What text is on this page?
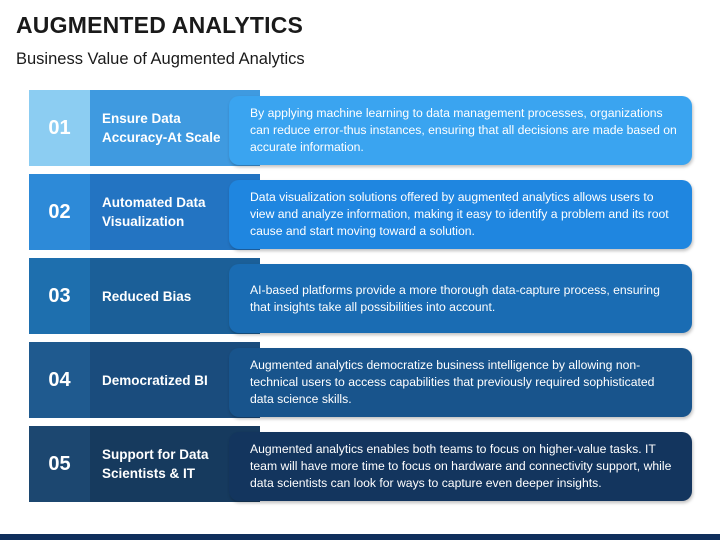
AUGMENTED ANALYTICS
Business Value of Augmented Analytics
01	Ensure Data Accuracy-At Scale
By applying machine learning to data management processes, organizations can reduce error-thus instances, ensuring that all decisions are made based on accurate information.
02	Automated Data Visualization
Data visualization solutions offered by augmented analytics allows users to view and analyze information, making it easy to identify a problem and its root cause and start moving toward a solution.
03	Reduced Bias	AI-based platforms provide a more thorough data-capture process, ensuring that insights take all possibilities into account.
04	Democratized BI
Augmented analytics democratize business intelligence by allowing non-technical users to access capabilities that previously required sophisticated data science skills.
05	Support for Data Scientists & IT
Augmented analytics enables both teams to focus on higher-value tasks. IT team will have more time to focus on hardware and connectivity support, while data scientists can look for ways to capture even deeper insights.
